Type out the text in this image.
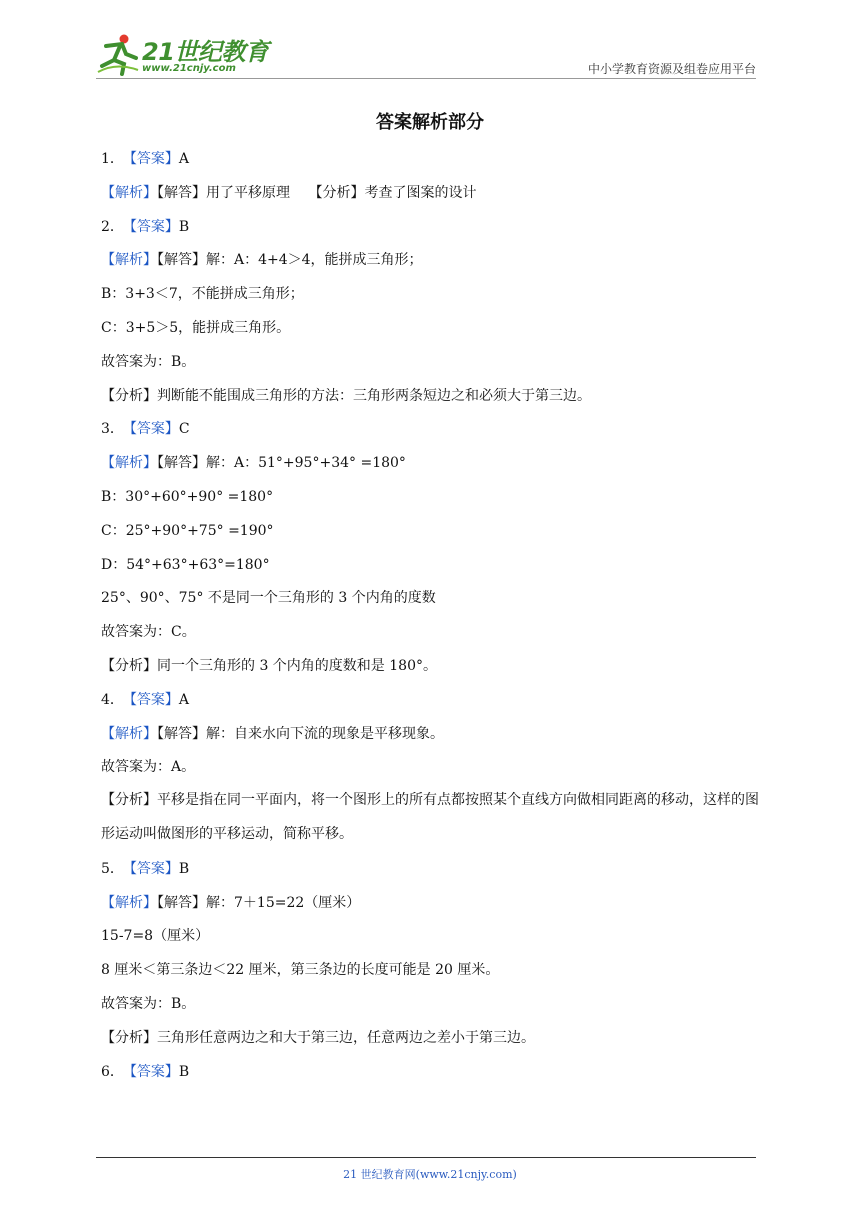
21世纪教育
www.21cnjy.com	中小学教育资源及组卷应用平台
答案解析部分
1． 【答案】A
【解析】【解答】用了平移原理　 【分析】考查了图案的设计
2． 【答案】B
【解析】【解答】解：A：4+4＞4，能拼成三角形；
B：3+3＜7，不能拼成三角形；
C：3+5＞5，能拼成三角形。
故答案为：B。
【分析】判断能不能围成三角形的方法：三角形两条短边之和必须大于第三边。
3． 【答案】C
【解析】【解答】解：A：51°+95°+34° =180°
B：30°+60°+90° =180°
C：25°+90°+75° =190°
D：54°+63°+63°=180°
25°、90°、75° 不是同一个三角形的 3 个内角的度数
故答案为：C。
【分析】同一个三角形的 3 个内角的度数和是 180°。
4． 【答案】A
【解析】【解答】解：自来水向下流的现象是平移现象。
故答案为：A。
【分析】平移是指在同一平面内，将一个图形上的所有点都按照某个直线方向做相同距离的移动，这样的图形运动叫做图形的平移运动，简称平移。
5． 【答案】B
【解析】【解答】解：7＋15=22（厘米）
15-7=8（厘米）
8 厘米＜第三条边＜22 厘米，第三条边的长度可能是 20 厘米。
故答案为：B。
【分析】三角形任意两边之和大于第三边，任意两边之差小于第三边。
6． 【答案】B
21 世纪教育网(www.21cnjy.com)
